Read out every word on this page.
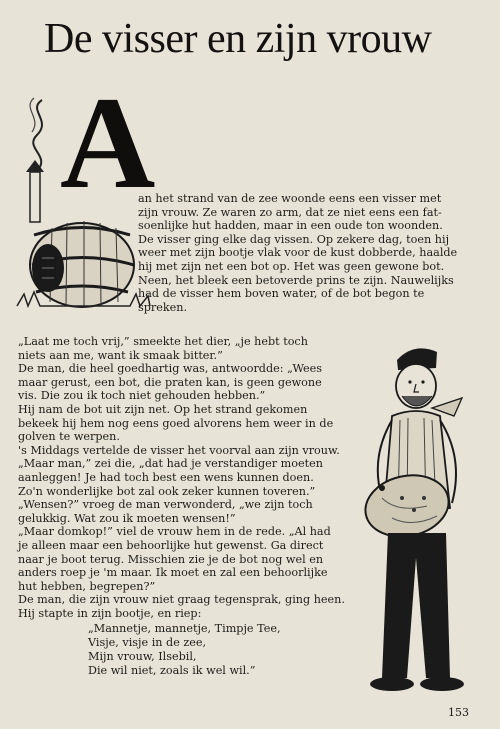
De visser en zijn vrouw
A
an het strand van de zee woonde eens een visser met
zijn vrouw. Ze waren zo arm, dat ze niet eens een fat-
soenlijke hut hadden, maar in een oude ton woonden.
De visser ging elke dag vissen. Op zekere dag, toen hij
weer met zijn bootje vlak voor de kust dobberde, haalde
hij met zijn net een bot op. Het was geen gewone bot.
Neen, het bleek een betoverde prins te zijn. Nauwelijks
had de visser hem boven water, of de bot begon te
spreken.
„Laat me toch vrij,” smeekte het dier, „je hebt toch
niets aan me, want ik smaak bitter.”
De man, die heel goedhartig was, antwoordde: „Wees
maar gerust, een bot, die praten kan, is geen gewone
vis. Die zou ik toch niet gehouden hebben.”
Hij nam de bot uit zijn net. Op het strand gekomen
bekeek hij hem nog eens goed alvorens hem weer in de
golven te werpen.
's Middags vertelde de visser het voorval aan zijn vrouw.
„Maar man,” zei die, „dat had je verstandiger moeten
aanleggen! Je had toch best een wens kunnen doen.
Zo'n wonderlijke bot zal ook zeker kunnen toveren.”
„Wensen?” vroeg de man verwonderd, „we zijn toch
gelukkig. Wat zou ik moeten wensen!”
„Maar domkop!” viel de vrouw hem in de rede. „Al had
je alleen maar een behoorlijke hut gewenst. Ga direct
naar je boot terug. Misschien zie je de bot nog wel en
anders roep je 'm maar. Ik moet en zal een behoorlijke
hut hebben, begrepen?”
De man, die zijn vrouw niet graag tegensprak, ging heen.
Hij stapte in zijn bootje, en riep:
„Mannetje, mannetje, Timpje Tee,
Visje, visje in de zee,
Mijn vrouw, Ilsebil,
Die wil niet, zoals ik wel wil.”
153
